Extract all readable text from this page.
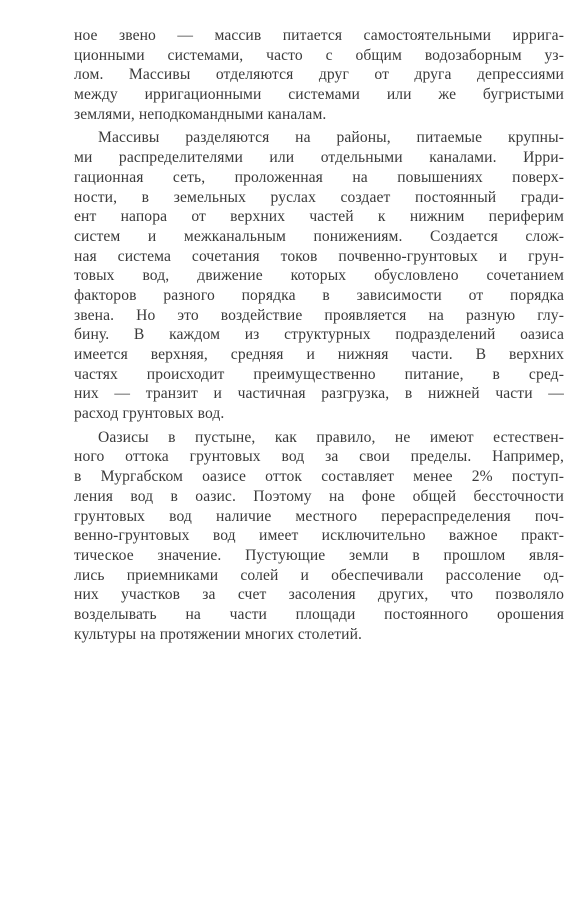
ное звено — массив питается самостоятельными ирригa-
ционными системами, часто с общим водозаборным уз-
лом. Массивы отделяются друг от друга депрессиями
между ирригационными системами или же бугристыми
землями, неподкомандными каналам.
Массивы разделяются на районы, питаемые крупны-
ми распределителями или отдельными каналами. Ирри-
гационная сеть, проложенная на повышениях поверх-
ности, в земельных руслах создает постоянный гради-
ент напора от верхних частей к нижним периферим
систем и межканальным понижениям. Создается слож-
ная система сочетания токов почвенно-грунтовых и грун-
товых вод, движение которых обусловлено сочетанием
факторов разного порядка в зависимости от порядка
звена. Но это воздействие проявляется на разную глу-
бину. В каждом из структурных подразделений оазиса
имеется верхняя, средняя и нижняя части. В верхних
частях происходит преимущественно питание, в сред-
них — транзит и частичная разгрузка, в нижней части —
расход грунтовых вод.
Оазисы в пустыне, как правило, не имеют естествен-
ного оттока грунтовых вод за свои пределы. Например,
в Мургабском оазисе отток составляет менее 2% поступ-
ления вод в оазис. Поэтому на фоне общей бессточности
грунтовых вод наличие местного перераспределения поч-
венно-грунтовых вод имеет исключительно важное практ-
тическое значение. Пустующие земли в прошлом явля-
лись приемниками солей и обеспечивали рассоление од-
них участков за счет засоления других, что позволяло
возделывать на части площади постоянного орошения
культуры на протяжении многих столетий.
